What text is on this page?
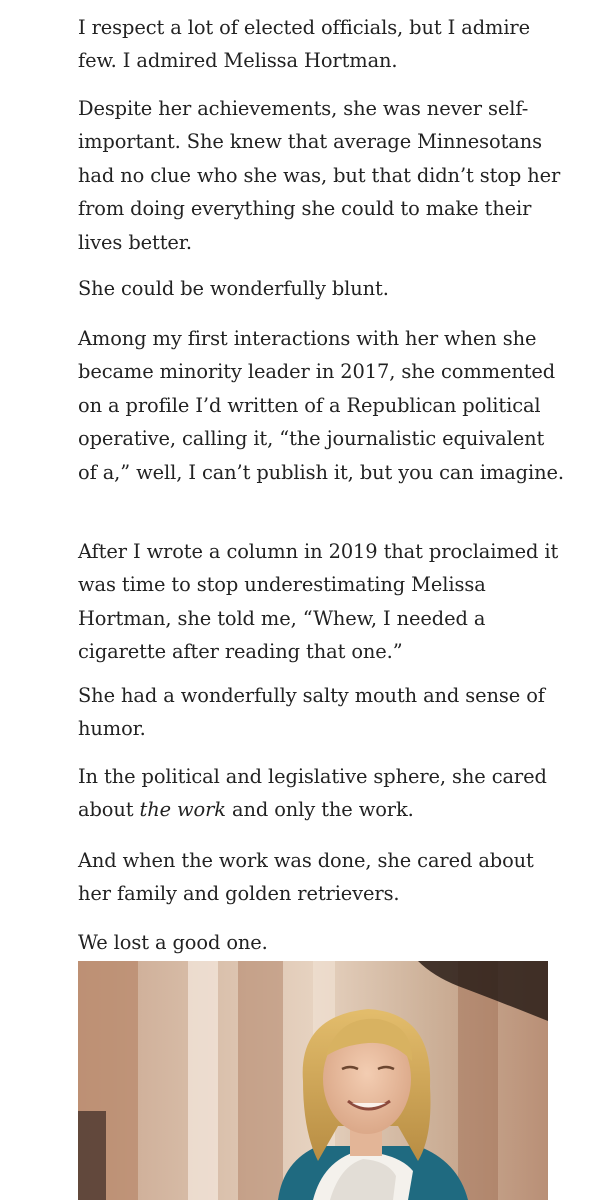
I respect a lot of elected officials, but I admire few. I admired Melissa Hortman.

Despite her achievements, she was never self-important. She knew that average Minnesotans had no clue who she was, but that didn’t stop her from doing everything she could to make their lives better.

She could be wonderfully blunt.

Among my first interactions with her when she became minority leader in 2017, she commented on a profile I’d written of a Republican political operative, calling it, “the journalistic equivalent of a,” well, I can’t publish it, but you can imagine.

After I wrote a column in 2019 that proclaimed it was time to stop underestimating Melissa Hortman, she told me, “Whew, I needed a cigarette after reading that one.”

She had a wonderfully salty mouth and sense of humor.

In the political and legislative sphere, she cared about the work and only the work.

And when the work was done, she cared about her family and golden retrievers.

We lost a good one.
